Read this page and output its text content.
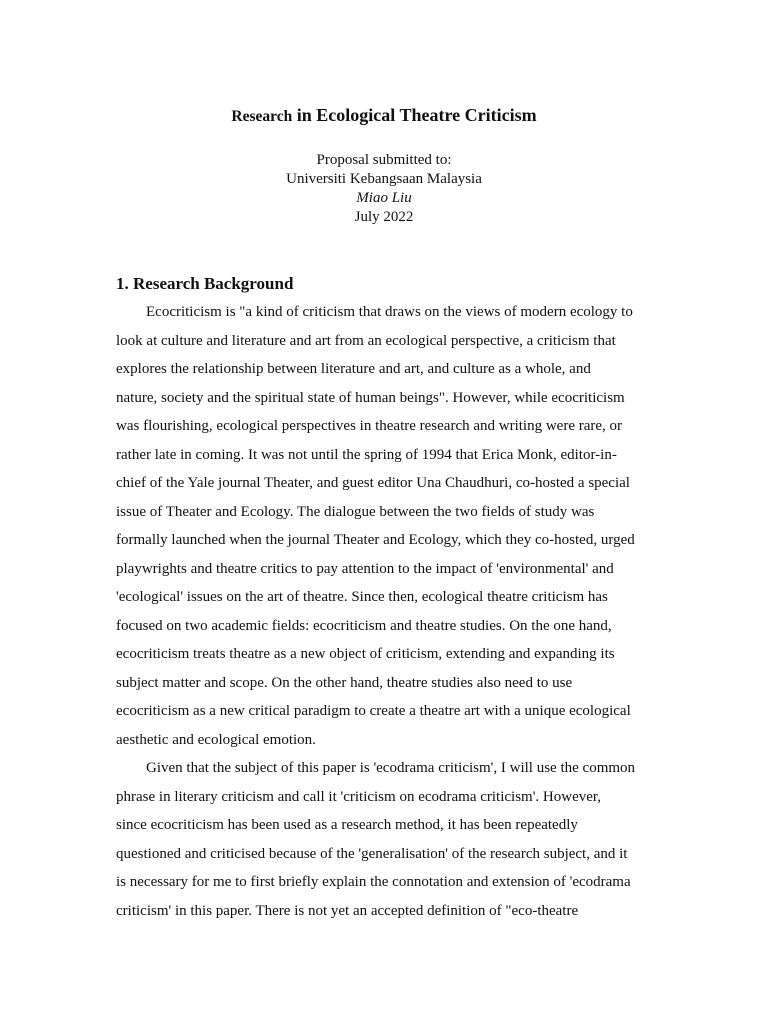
Research in Ecological Theatre Criticism
Proposal submitted to:
Universiti Kebangsaan Malaysia
Miao Liu
July 2022
1. Research Background
Ecocriticism is "a kind of criticism that draws on the views of modern ecology to
look at culture and literature and art from an ecological perspective, a criticism that
explores the relationship between literature and art, and culture as a whole, and
nature, society and the spiritual state of human beings". However, while ecocriticism
was flourishing, ecological perspectives in theatre research and writing were rare, or
rather late in coming. It was not until the spring of 1994 that Erica Monk, editor-in-
chief of the Yale journal Theater, and guest editor Una Chaudhuri, co-hosted a special
issue of Theater and Ecology. The dialogue between the two fields of study was
formally launched when the journal Theater and Ecology, which they co-hosted, urged
playwrights and theatre critics to pay attention to the impact of 'environmental' and
'ecological' issues on the art of theatre. Since then, ecological theatre criticism has
focused on two academic fields: ecocriticism and theatre studies. On the one hand,
ecocriticism treats theatre as a new object of criticism, extending and expanding its
subject matter and scope. On the other hand, theatre studies also need to use
ecocriticism as a new critical paradigm to create a theatre art with a unique ecological
aesthetic and ecological emotion.
Given that the subject of this paper is 'ecodrama criticism', I will use the common
phrase in literary criticism and call it 'criticism on ecodrama criticism'. However,
since ecocriticism has been used as a research method, it has been repeatedly
questioned and criticised because of the 'generalisation' of the research subject, and it
is necessary for me to first briefly explain the connotation and extension of 'ecodrama
criticism' in this paper. There is not yet an accepted definition of "eco-theatre
